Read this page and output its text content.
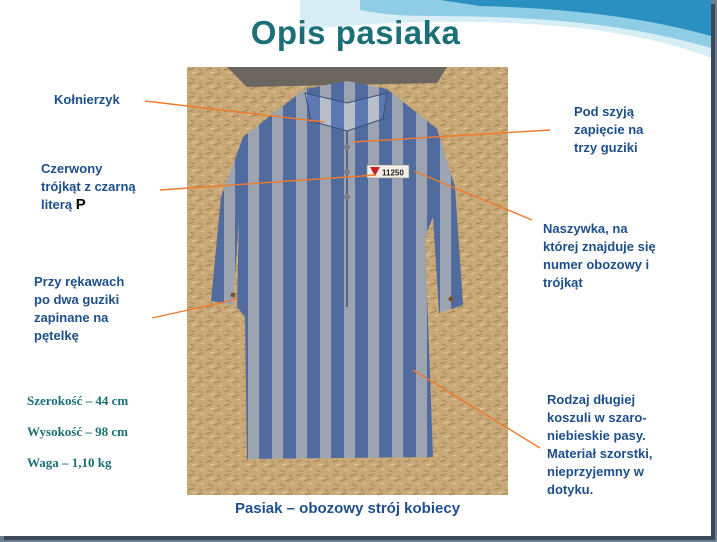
Opis pasiaka
11250

Kołnierzyk

Czerwony
trójkąt z czarną
literą P
Przy rękawach
po dwa guziki
zapinane na
pętelkę
Pod szyją
zapięcie na
trzy guziki
Naszywka, na
której znajduje się
numer obozowy i
trójkąt
Rodzaj długiej
koszuli w szaro-
niebieskie pasy.
Materiał szorstki,
nieprzyjemny w
dotyku.

Szerokość – 44 cm

Wysokość – 98 cm

Waga – 1,10 kg

Pasiak – obozowy strój kobiecy
